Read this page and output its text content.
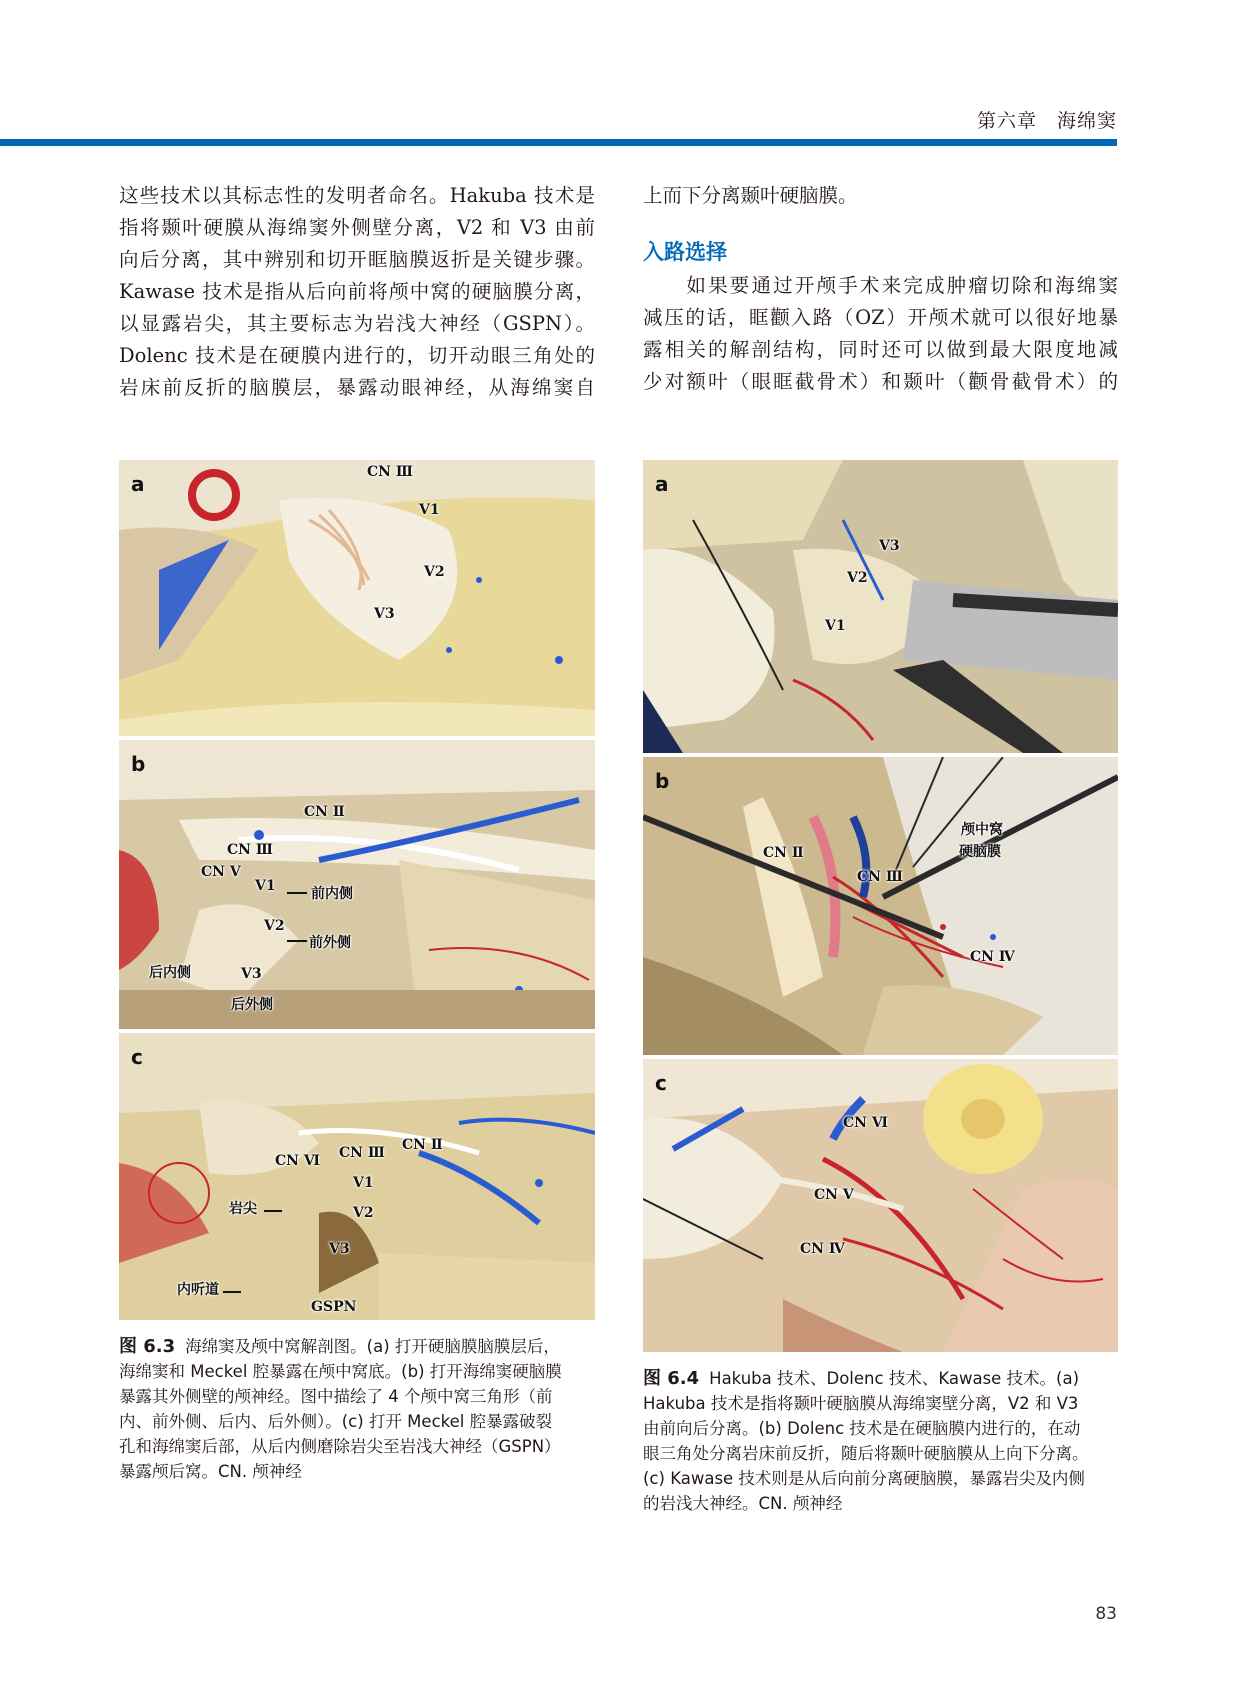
第六章　海绵窦

这些技术以其标志性的发明者命名。Hakuba 技术是

指将颞叶硬膜从海绵窦外侧壁分离，V2 和 V3 由前

向后分离，其中辨别和切开眶脑膜返折是关键步骤。

Kawase 技术是指从后向前将颅中窝的硬脑膜分离，

以显露岩尖，其主要标志为岩浅大神经（GSPN）。

Dolenc 技术是在硬膜内进行的，切开动眼三角处的

岩床前反折的脑膜层，暴露动眼神经，从海绵窦自

上而下分离颞叶硬脑膜。

入路选择

　　如果要通过开颅手术来完成肿瘤切除和海绵窦

减压的话，眶颧入路（OZ）开颅术就可以很好地暴

露相关的解剖结构，同时还可以做到最大限度地减

少对额叶（眼眶截骨术）和颞叶（颧骨截骨术）的

a	CN Ⅲ
V1
V2
V3
b
CN Ⅱ
CN Ⅲ
CN Ⅴ
V1	前内侧
V2
前外侧
后内侧	V3
后外侧
c
CN Ⅵ CN Ⅲ CN Ⅱ
V1
岩尖	V2
V3
内听道
GSPN
图 6.3 海绵窦及颅中窝解剖图。(a) 打开硬脑膜脑膜层后，
海绵窦和 Meckel 腔暴露在颅中窝底。(b) 打开海绵窦硬脑膜
暴露其外侧壁的颅神经。图中描绘了 4 个颅中窝三角形（前
内、前外侧、后内、后外侧）。(c) 打开 Meckel 腔暴露破裂
孔和海绵窦后部，从后内侧磨除岩尖至岩浅大神经（GSPN）
暴露颅后窝。CN. 颅神经
a
V3
V2
V1
b
CN Ⅱ
CN Ⅲ
颅中窝
硬脑膜
CN Ⅳ
c
CN Ⅵ
CN Ⅴ
CN Ⅳ
图 6.4 Hakuba 技术、Dolenc 技术、Kawase 技术。(a)
Hakuba 技术是指将颞叶硬脑膜从海绵窦壁分离，V2 和 V3
由前向后分离。(b) Dolenc 技术是在硬脑膜内进行的，在动
眼三角处分离岩床前反折，随后将颞叶硬脑膜从上向下分离。
(c) Kawase 技术则是从后向前分离硬脑膜，暴露岩尖及内侧
的岩浅大神经。CN. 颅神经
83
